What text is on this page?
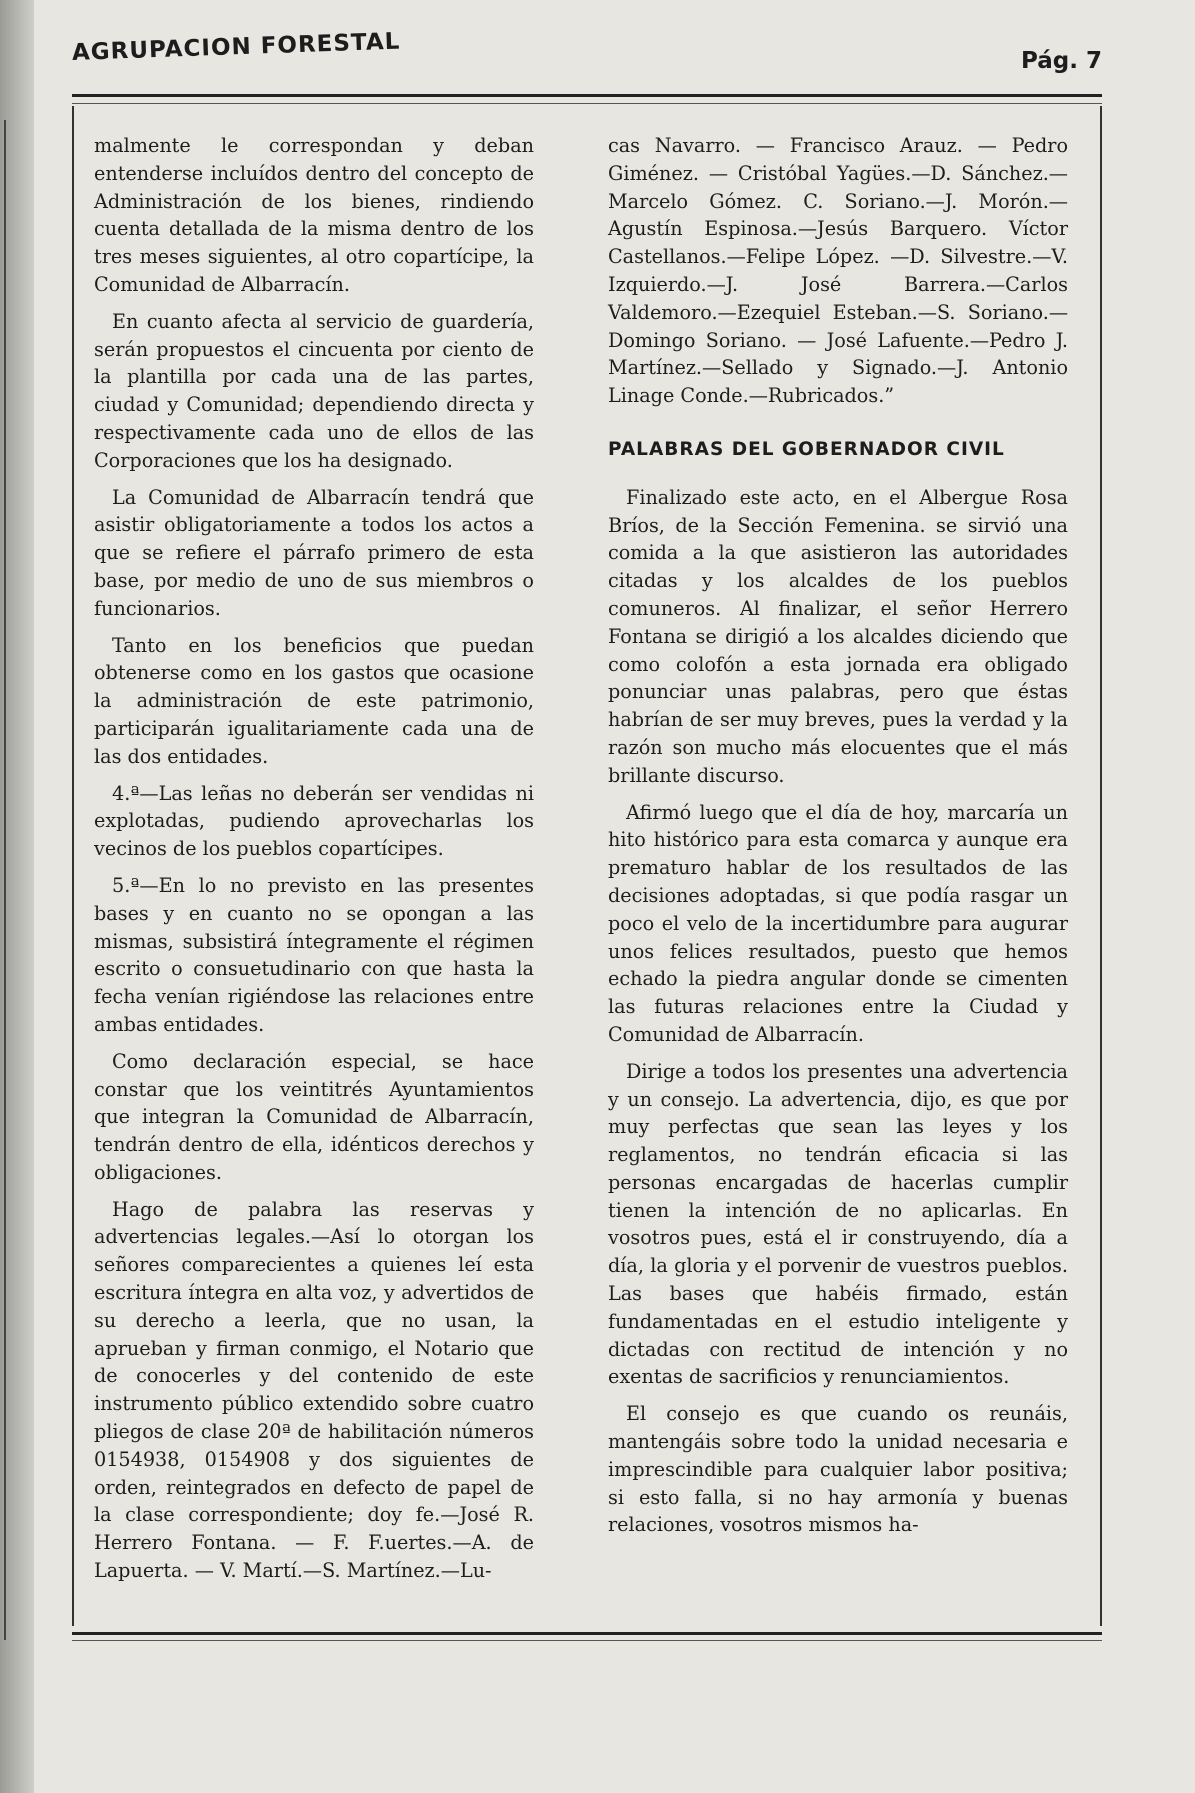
AGRUPACION FORESTAL	Pág. 7

malmente le correspondan y deban entenderse incluídos dentro del concepto de Administración de los bienes, rindiendo cuenta detallada de la misma dentro de los tres meses siguientes, al otro copartícipe, la Comunidad de Albarracín.

En cuanto afecta al servicio de guardería, serán propuestos el cincuenta por ciento de la plantilla por cada una de las partes, ciudad y Comunidad; dependiendo directa y respectivamente cada uno de ellos de las Corporaciones que los ha designado.

La Comunidad de Albarracín tendrá que asistir obligatoriamente a todos los actos a que se refiere el párrafo primero de esta base, por medio de uno de sus miembros o funcionarios.

Tanto en los beneficios que puedan obtenerse como en los gastos que ocasione la administración de este patrimonio, participarán igualitariamente cada una de las dos entidades.

4.ª—Las leñas no deberán ser vendidas ni explotadas, pudiendo aprovecharlas los vecinos de los pueblos copartícipes.

5.ª—En lo no previsto en las presentes bases y en cuanto no se opongan a las mismas, subsistirá íntegramente el régimen escrito o consuetudinario con que hasta la fecha venían rigiéndose las relaciones entre ambas entidades.

Como declaración especial, se hace constar que los veintitrés Ayuntamientos que integran la Comunidad de Albarracín, tendrán dentro de ella, idénticos derechos y obligaciones.

Hago de palabra las reservas y advertencias legales.—Así lo otorgan los señores comparecientes a quienes leí esta escritura íntegra en alta voz, y advertidos de su derecho a leerla, que no usan, la aprueban y firman conmigo, el Notario que de conocerles y del contenido de este instrumento público extendido sobre cuatro pliegos de clase 20ª de habilitación números 0154938, 0154908 y dos siguientes de orden, reintegrados en defecto de papel de la clase correspondiente; doy fe.—José R. Herrero Fontana. — F. F.uertes.—A. de Lapuerta. — V. Martí.—S. Martínez.—Lu-

cas Navarro. — Francisco Arauz. — Pedro Giménez. — Cristóbal Yagües.—D. Sánchez.—Marcelo Gómez. C. Soriano.—J. Morón.—Agustín Espinosa.—Jesús Barquero. Víctor Castellanos.—Felipe López. —D. Silvestre.—V. Izquierdo.—J. José Barrera.—Carlos Valdemoro.—Ezequiel Esteban.—S. Soriano.—Domingo Soriano. — José Lafuente.—Pedro J. Martínez.—Sellado y Signado.—J. Antonio Linage Conde.—Rubricados.”

PALABRAS DEL GOBERNADOR CIVIL

Finalizado este acto, en el Albergue Rosa Bríos, de la Sección Femenina. se sirvió una comida a la que asistieron las autoridades citadas y los alcaldes de los pueblos comuneros. Al finalizar, el señor Herrero Fontana se dirigió a los alcaldes diciendo que como colofón a esta jornada era obligado ponunciar unas palabras, pero que éstas habrían de ser muy breves, pues la verdad y la razón son mucho más elocuentes que el más brillante discurso.

Afirmó luego que el día de hoy, marcaría un hito histórico para esta comarca y aunque era prematuro hablar de los resultados de las decisiones adoptadas, si que podía rasgar un poco el velo de la incertidumbre para augurar unos felices resultados, puesto que hemos echado la piedra angular donde se cimenten las futuras relaciones entre la Ciudad y Comunidad de Albarracín.

Dirige a todos los presentes una advertencia y un consejo. La advertencia, dijo, es que por muy perfectas que sean las leyes y los reglamentos, no tendrán eficacia si las personas encargadas de hacerlas cumplir tienen la intención de no aplicarlas. En vosotros pues, está el ir construyendo, día a día, la gloria y el porvenir de vuestros pueblos. Las bases que habéis firmado, están fundamentadas en el estudio inteligente y dictadas con rectitud de intención y no exentas de sacrificios y renunciamientos.

El consejo es que cuando os reunáis, mantengáis sobre todo la unidad necesaria e imprescindible para cualquier labor positiva; si esto falla, si no hay armonía y buenas relaciones, vosotros mismos ha-
